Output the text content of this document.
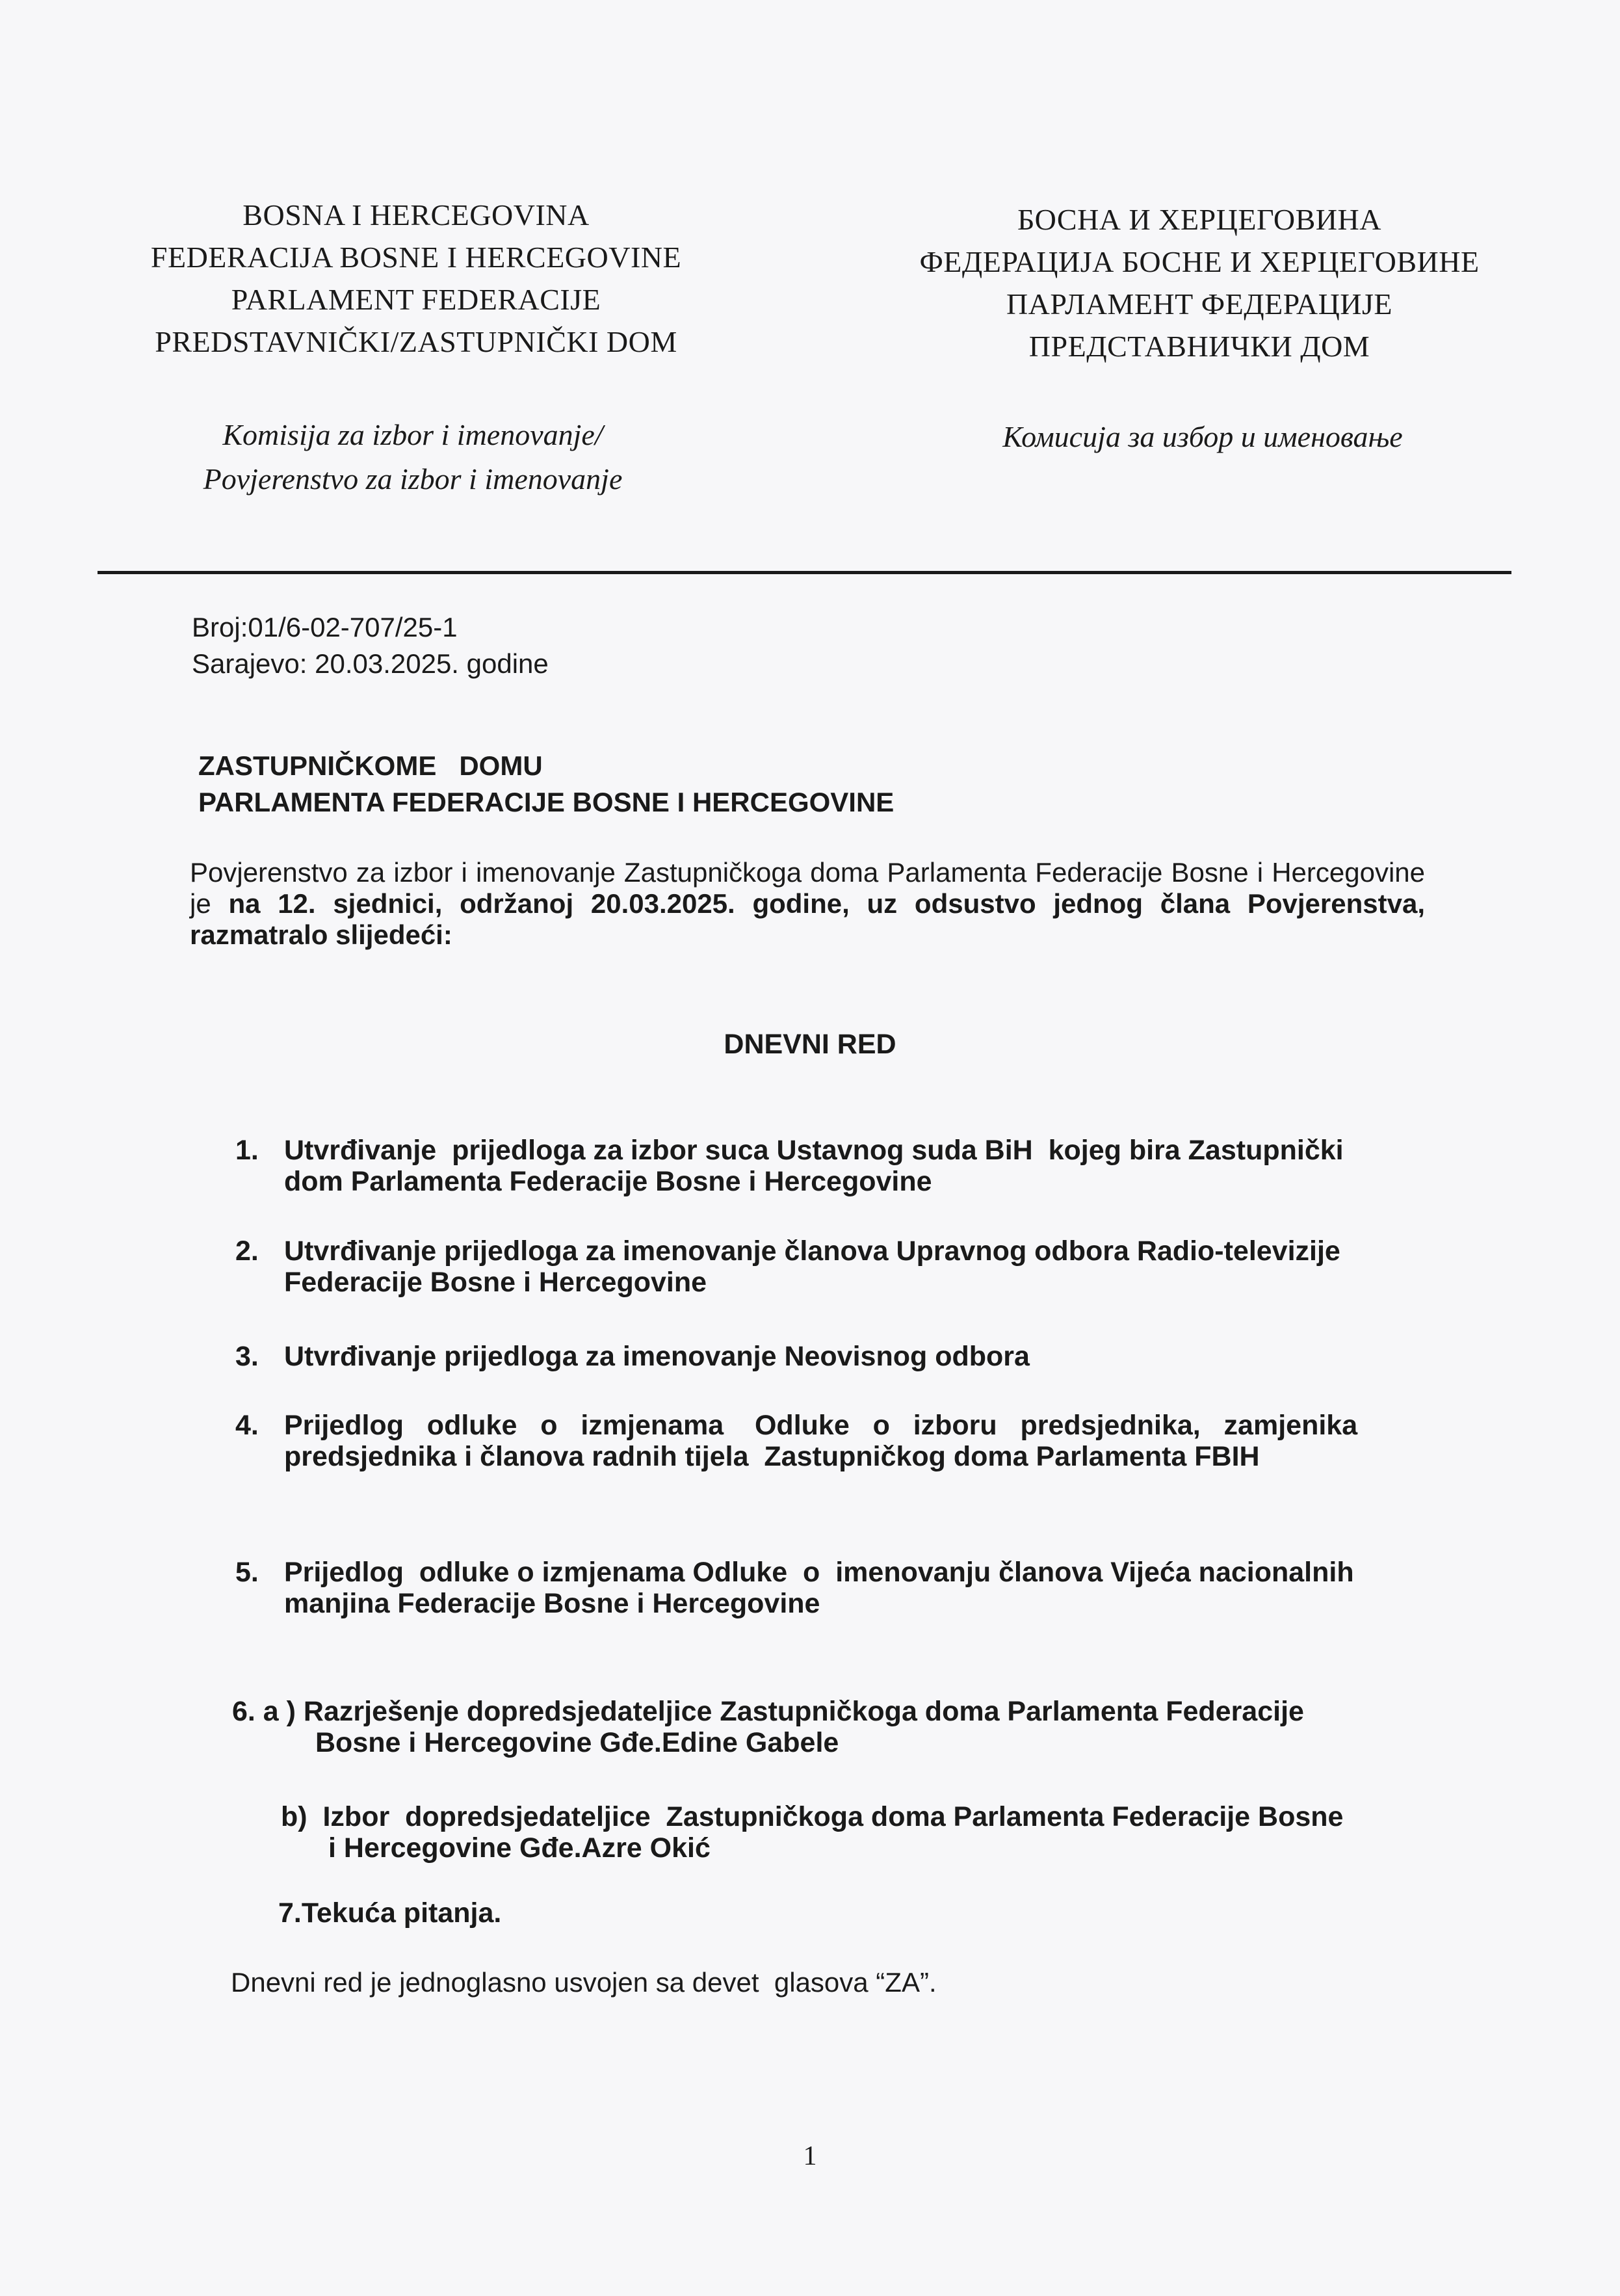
BOSNA I HERCEGOVINA
FEDERACIJA BOSNE I HERCEGOVINE
PARLAMENT FEDERACIJE
PREDSTAVNIČKI/ZASTUPNIČKI DOM
БОСНА И ХЕРЦЕГОВИНА
ФЕДЕРАЦИЈА БОСНЕ И ХЕРЦЕГОВИНЕ
ПАРЛАМЕНТ ФЕДЕРАЦИЈЕ
ПРЕДСТАВНИЧКИ ДОМ
Komisija za izbor i imenovanje/
Povjerenstvo za izbor i imenovanje
Комисија за избор и именовање
Broj:01/6-02-707/25-1
Sarajevo: 20.03.2025. godine
ZASTUPNIČKOME   DOMU
PARLAMENTA FEDERACIJE BOSNE I HERCEGOVINE
Povjerenstvo za izbor i imenovanje Zastupničkoga doma Parlamenta Federacije Bosne i Hercegovine je na 12. sjednici, održanoj 20.03.2025. godine, uz odsustvo jednog člana Povjerenstva, razmatralo slijedeći:
DNEVNI RED
1. Utvrđivanje  prijedloga za izbor suca Ustavnog suda BiH  kojeg bira Zastupnički
dom Parlamenta Federacije Bosne i Hercegovine
2. Utvrđivanje prijedloga za imenovanje članova Upravnog odbora Radio-televizije
Federacije Bosne i Hercegovine
3. Utvrđivanje prijedloga za imenovanje Neovisnog odbora
4. Prijedlog   odluke   o   izmjenama    Odluke   o   izboru   predsjednika,   zamjenika
predsjednika i članova radnih tijela  Zastupničkog doma Parlamenta FBIH
5. Prijedlog  odluke o izmjenama Odluke  o  imenovanju članova Vijeća nacionalnih
manjina Federacije Bosne i Hercegovine
6. a ) Razrješenje dopredsjedateljice Zastupničkoga doma Parlamenta Federacije
Bosne i Hercegovine Gđe.Edine Gabele
b)  Izbor  dopredsjedateljice  Zastupničkoga doma Parlamenta Federacije Bosne
i Hercegovine Gđe.Azre Okić
7.Tekuća pitanja.
Dnevni red je jednoglasno usvojen sa devet  glasova “ZA”.
1
